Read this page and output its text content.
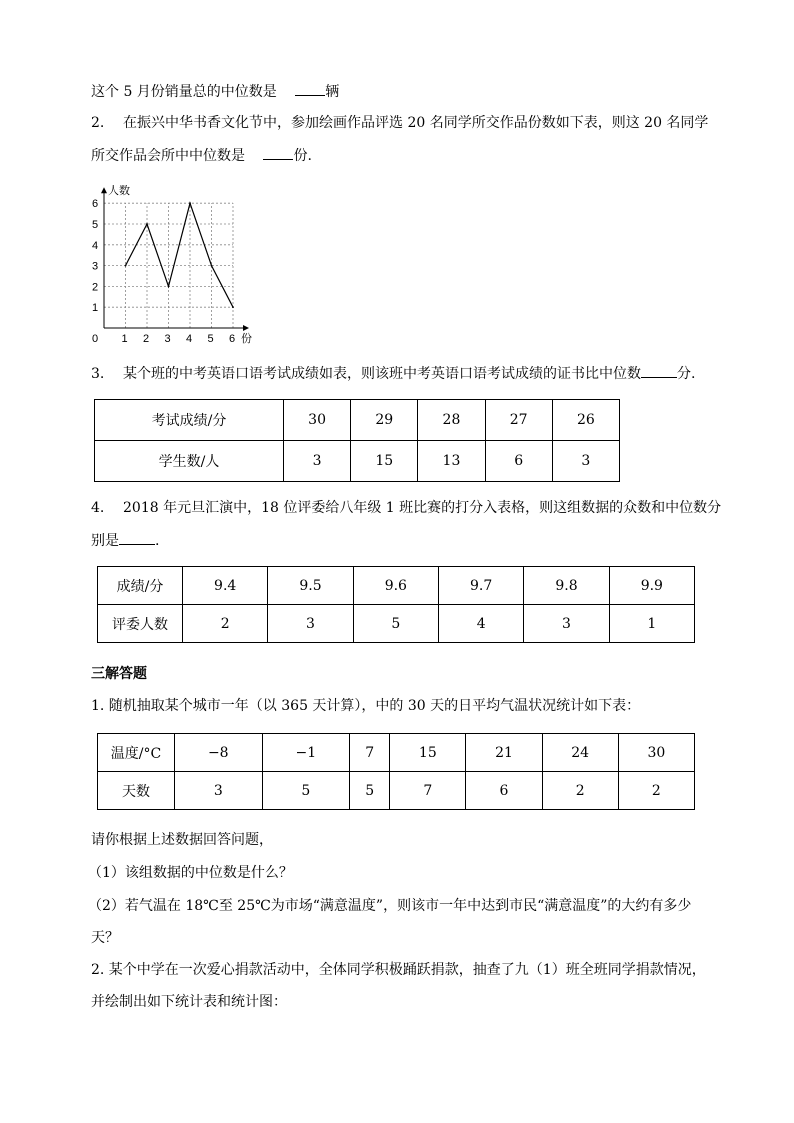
这个 5 月份销量总的中位数是	辆
2. 在振兴中华书香文化节中，参加绘画作品评选 20 名同学所交作品份数如下表，则这 20 名同学
所交作品会所中中位数是	份.
0 1 2 3 4 5 6
1
2
3
4
5
6
人数
份
3. 某个班的中考英语口语考试成绩如表，则该班中考英语口语考试成绩的证书比中位数	分.
考试成绩/分	30	29	28	27	26
学生数/人	3	15	13	6	3
4. 2018 年元旦汇演中，18 位评委给八年级 1 班比赛的打分入表格，则这组数据的众数和中位数分
别是	.
成绩/分	9.4	9.5	9.6	9.7	9.8	9.9
评委人数	2	3	5	4	3	1
三解答题
1. 随机抽取某个城市一年（以 365 天计算），中的 30 天的日平均气温状况统计如下表：
温度/°C	−8	−1	7	15	21	24	30
天数	3	5	5	7	6	2	2
请你根据上述数据回答问题，
（1）该组数据的中位数是什么？
（2）若气温在 18℃至 25℃为市场“满意温度”，则该市一年中达到市民“满意温度”的大约有多少
天？
2. 某个中学在一次爱心捐款活动中，全体同学积极踊跃捐款，抽查了九（1）班全班同学捐款情况，
并绘制出如下统计表和统计图：
